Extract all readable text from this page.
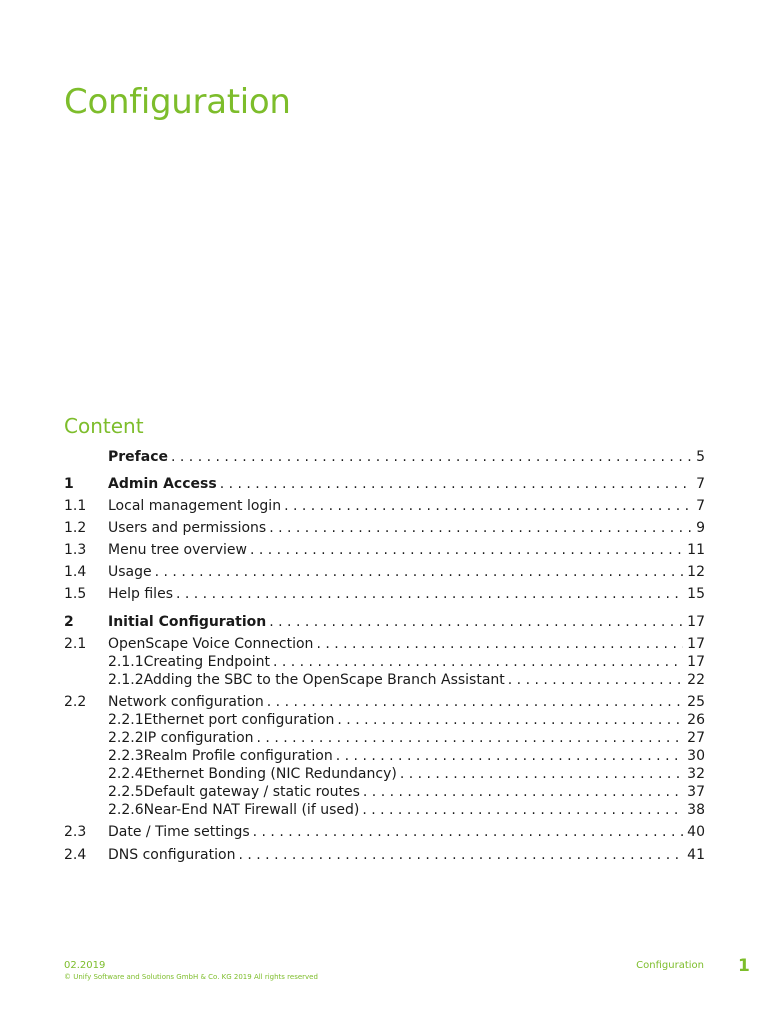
Configuration
Content
Preface . . .	5
1 Admin Access . . .	7
1.1 Local management login . . .	7
1.2 Users and permissions . . .	9
1.3 Menu tree overview . . .	11
1.4 Usage . . .	12
1.5 Help files . . .	15
2 Initial Configuration . . .	17
2.1 OpenScape Voice Connection . . .	17
2.1.1 Creating Endpoint . . .	17
2.1.2 Adding the SBC to the OpenScape Branch Assistant . . .	22
2.2 Network configuration . . .	25
2.2.1 Ethernet port configuration . . .	26
2.2.2 IP configuration . . .	27
2.2.3 Realm Profile configuration . . .	30
2.2.4 Ethernet Bonding (NIC Redundancy) . . .	32
2.2.5 Default gateway / static routes . . .	37
2.2.6 Near-End NAT Firewall (if used) . . .	38
2.3 Date / Time settings . . .	40
2.4 DNS configuration . . .	41
02.2019
© Unify Software and Solutions GmbH & Co. KG 2019 All rights reserved
Configuration 1
